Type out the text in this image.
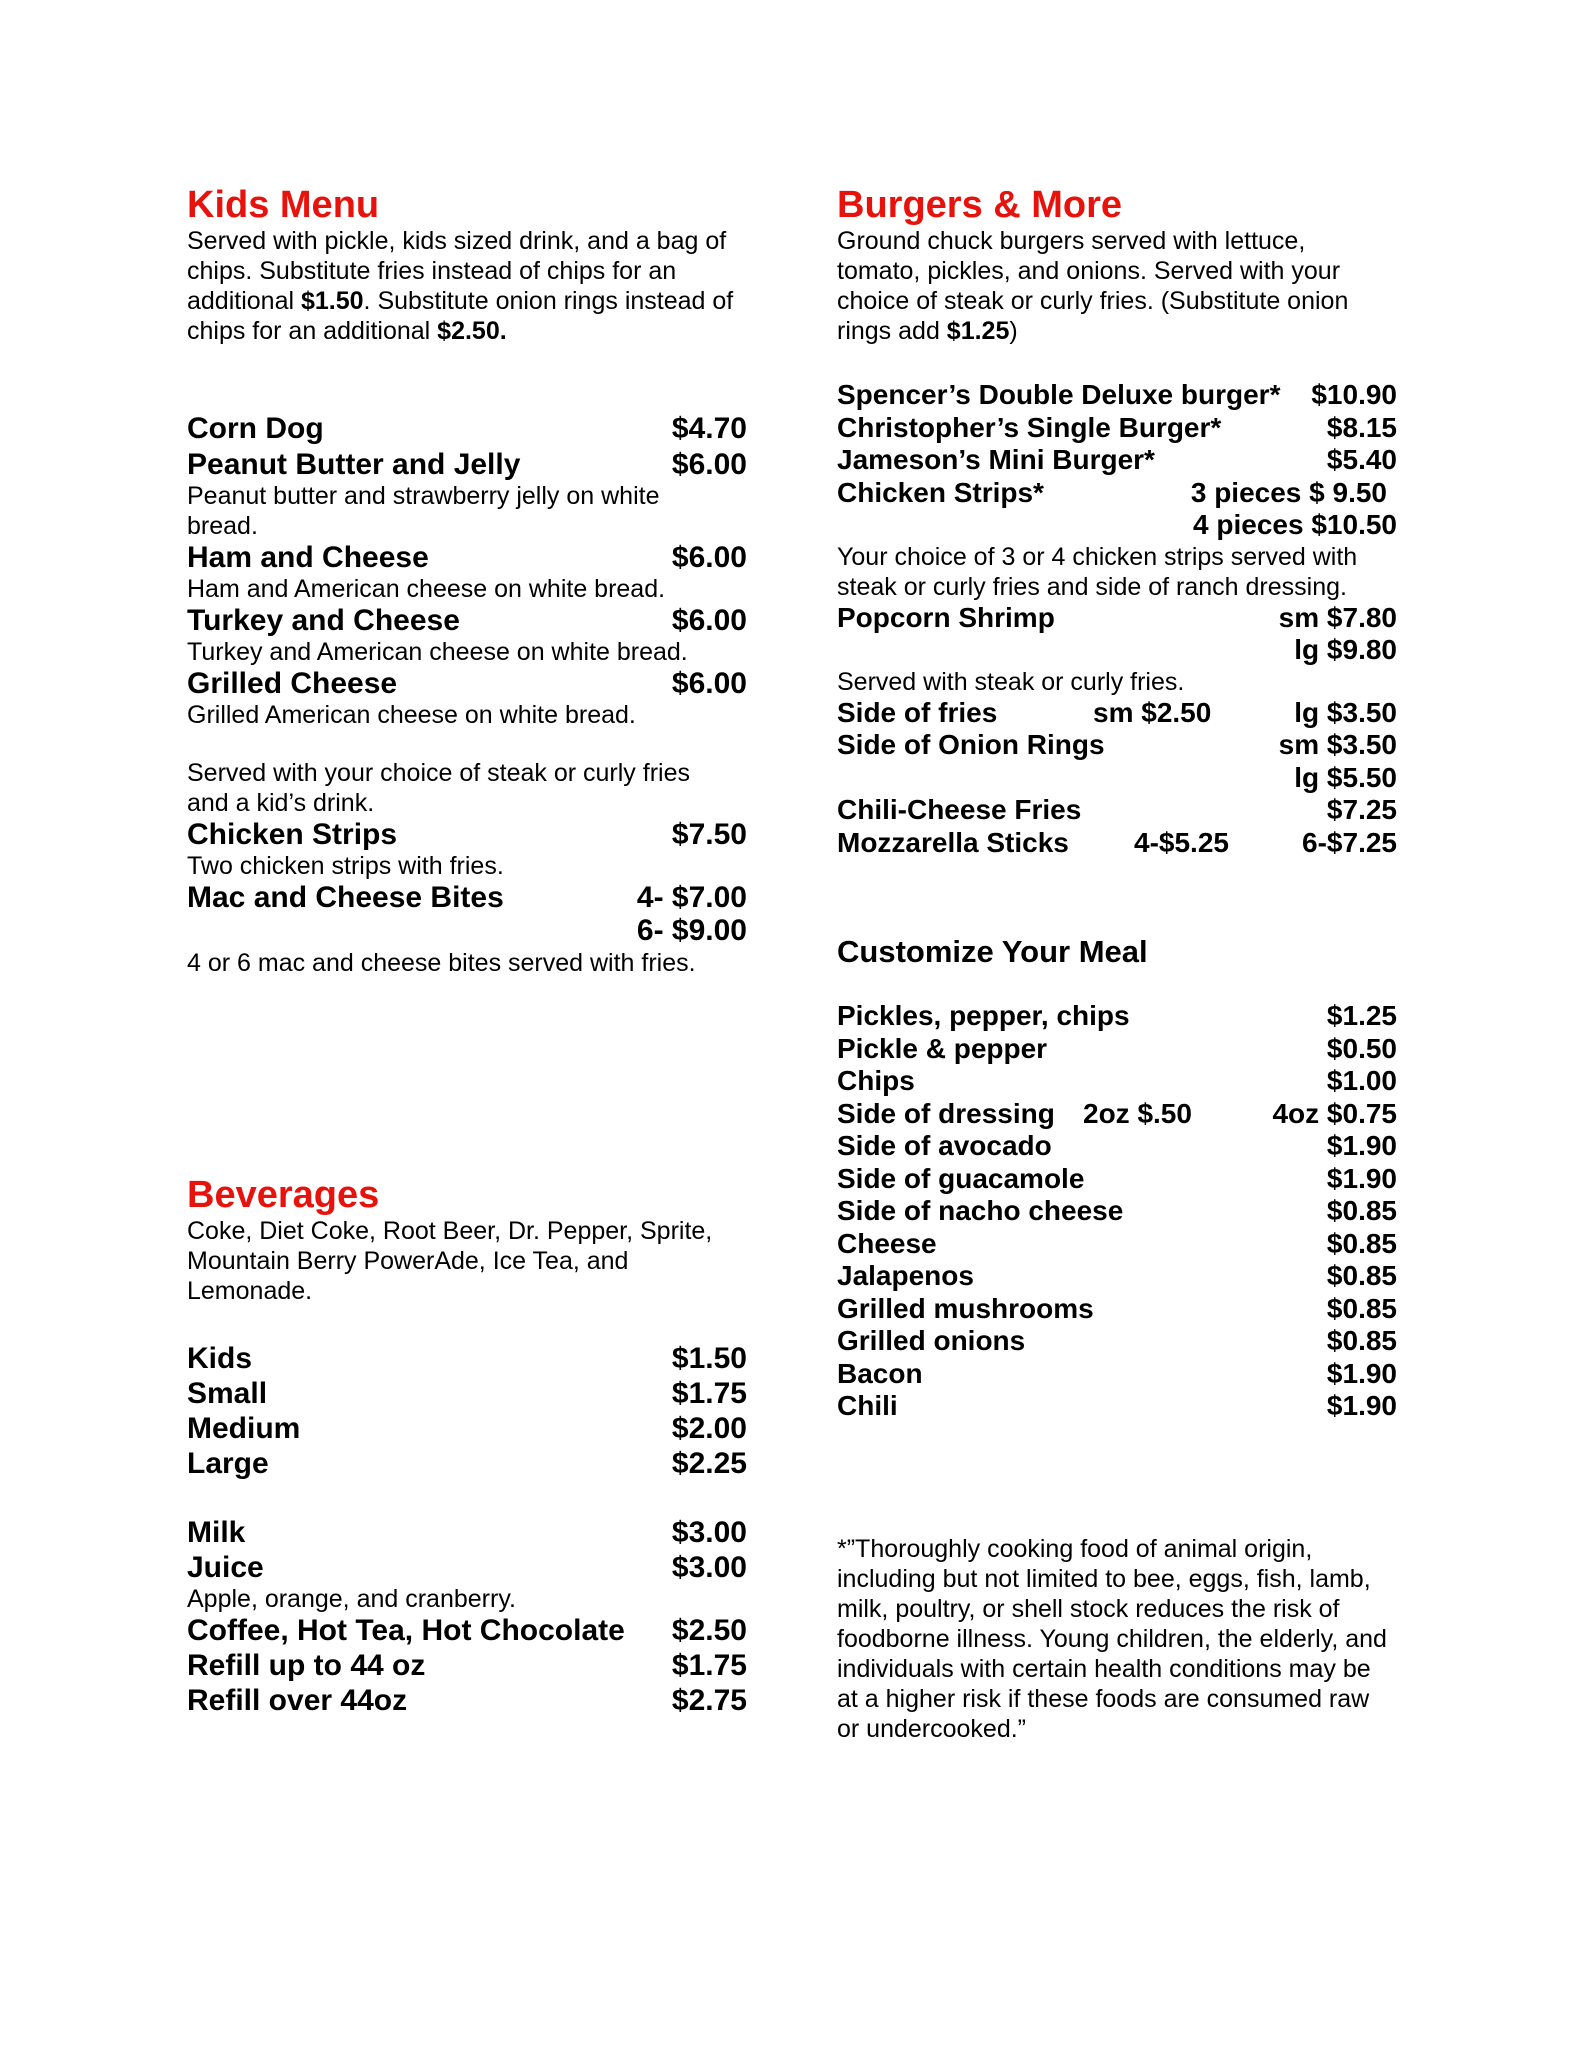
Kids Menu

Served with pickle, kids sized drink, and a bag of chips. Substitute fries instead of chips for an additional $1.50. Substitute onion rings instead of chips for an additional $2.50.

Corn Dog	$4.70
Peanut Butter and Jelly	$6.00

Peanut butter and strawberry jelly on white bread.

Ham and Cheese	$6.00

Ham and American cheese on white bread.

Turkey and Cheese	$6.00

Turkey and American cheese on white bread.

Grilled Cheese	$6.00

Grilled American cheese on white bread.

Served with your choice of steak or curly fries and a kid’s drink.

Chicken Strips	$7.50

Two chicken strips with fries.

Mac and Cheese Bites	4- $7.00
6- $9.00

4 or 6 mac and cheese bites served with fries.

Beverages

Coke, Diet Coke, Root Beer, Dr. Pepper, Sprite, Mountain Berry PowerAde, Ice Tea, and Lemonade.

Kids	$1.50
Small	$1.75
Medium	$2.00
Large	$2.25
Milk	$3.00
Juice	$3.00

Apple, orange, and cranberry.

Coffee, Hot Tea, Hot Chocolate $2.50
Refill up to 44 oz	$1.75
Refill over 44oz	$2.75
Burgers & More

Ground chuck burgers served with lettuce, tomato, pickles, and onions. Served with your choice of steak or curly fries. (Substitute onion rings add $1.25)

Spencer’s Double Deluxe burger* $10.90
Christopher’s Single Burger*	$8.15
Jameson’s Mini Burger*	$5.40
Chicken Strips*	3 pieces $ 9.50
4 pieces $10.50

Your choice of 3 or 4 chicken strips served with steak or curly fries and side of ranch dressing.

Popcorn Shrimp	sm $7.80
lg $9.80

Served with steak or curly fries.

Side of fries	sm $2.50	lg $3.50
Side of Onion Rings	sm $3.50
lg $5.50
Chili-Cheese Fries	$7.25
Mozzarella Sticks	4-$5.25	6-$7.25
Customize Your Meal
Pickles, pepper, chips	$1.25
Pickle & pepper	$0.50
Chips	$1.00
Side of dressing	2oz $.50	4oz $0.75
Side of avocado	$1.90
Side of guacamole	$1.90
Side of nacho cheese	$0.85
Cheese	$0.85
Jalapenos	$0.85
Grilled mushrooms	$0.85
Grilled onions	$0.85
Bacon	$1.90
Chili	$1.90

*”Thoroughly cooking food of animal origin, including but not limited to bee, eggs, fish, lamb, milk, poultry, or shell stock reduces the risk of foodborne illness. Young children, the elderly, and individuals with certain health conditions may be at a higher risk if these foods are consumed raw or undercooked.”
